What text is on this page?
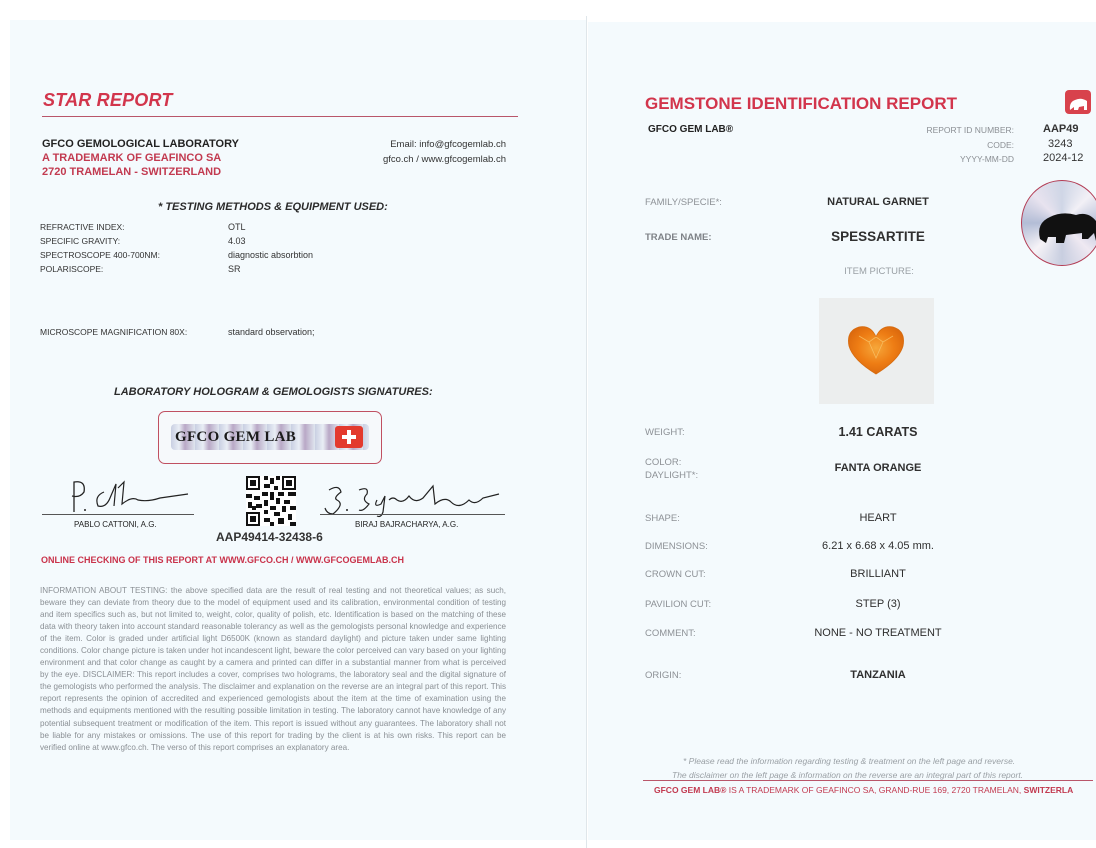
STAR REPORT
GFCO GEMOLOGICAL LABORATORY
A TRADEMARK OF GEAFINCO SA
2720 TRAMELAN - SWITZERLAND
Email: info@gfcogemlab.ch
gfco.ch / www.gfcogemlab.ch
* TESTING METHODS & EQUIPMENT USED:
REFRACTIVE INDEX:	OTL
SPECIFIC GRAVITY:	4.03
SPECTROSCOPE 400-700NM:	diagnostic absorbtion
POLARISCOPE:	SR
MICROSCOPE MAGNIFICATION 80X:	standard observation;
LABORATORY HOLOGRAM & GEMOLOGISTS SIGNATURES:
GFCO GEM LAB
PABLO CATTONI, A.G.	BIRAJ BAJRACHARYA, A.G.
AAP49414-32438-6
ONLINE CHECKING OF THIS REPORT AT WWW.GFCO.CH / WWW.GFCOGEMLAB.CH
INFORMATION ABOUT TESTING: the above specified data are the result of real testing and not theoretical values; as such, beware they can deviate from theory due to the model of equipment used and its calibration, environmental condition of testing and item specifics such as, but not limited to, weight, color, quality of polish, etc. Identification is based on the matching of these data with theory taken into account standard reasonable tolerancy as well as the gemologists personal knowledge and experience of the item. Color is graded under artificial light D6500K (known as standard daylight) and picture taken under same lighting conditions. Color change picture is taken under hot incandescent light, beware the color perceived can vary based on your lighting environment and that color change as caught by a camera and printed can differ in a substantial manner from what is perceived by the eye. DISCLAIMER: This report includes a cover, comprises two holograms, the laboratory seal and the digital signature of the gemologists who performed the analysis. The disclaimer and explanation on the reverse are an integral part of this report. This report represents the opinion of accredited and experienced gemologists about the item at the time of examination using the methods and equipments mentioned with the resulting possible limitation in testing. The laboratory cannot have knowledge of any potential subsequent treatment or modification of the item. This report is issued without any guarantees. The laboratory shall not be liable for any mistakes or omissions. The use of this report for trading by the client is at his own risks. This report can be verified online at www.gfco.ch. The verso of this report comprises an explanatory area.
GEMSTONE IDENTIFICATION REPORT
GFCO GEM LAB®	REPORT ID NUMBER:	AAP49
CODE:	3243
YYYY-MM-DD	2024-12
FAMILY/SPECIE*:	NATURAL GARNET
TRADE NAME:	SPESSARTITE
ITEM PICTURE:
WEIGHT:	1.41 CARATS
COLOR:
DAYLIGHT*:
FANTA ORANGE
SHAPE:	HEART
DIMENSIONS:	6.21 x 6.68 x 4.05 mm.
CROWN CUT:	BRILLIANT
PAVILION CUT:	STEP (3)
COMMENT:	NONE - NO TREATMENT
ORIGIN:	TANZANIA
* Please read the information regarding testing & treatment on the left page and reverse.
The disclaimer on the left page & information on the reverse are an integral part of this report.
GFCO GEM LAB® IS A TRADEMARK OF GEAFINCO SA, GRAND-RUE 169, 2720 TRAMELAN, SWITZERLA
